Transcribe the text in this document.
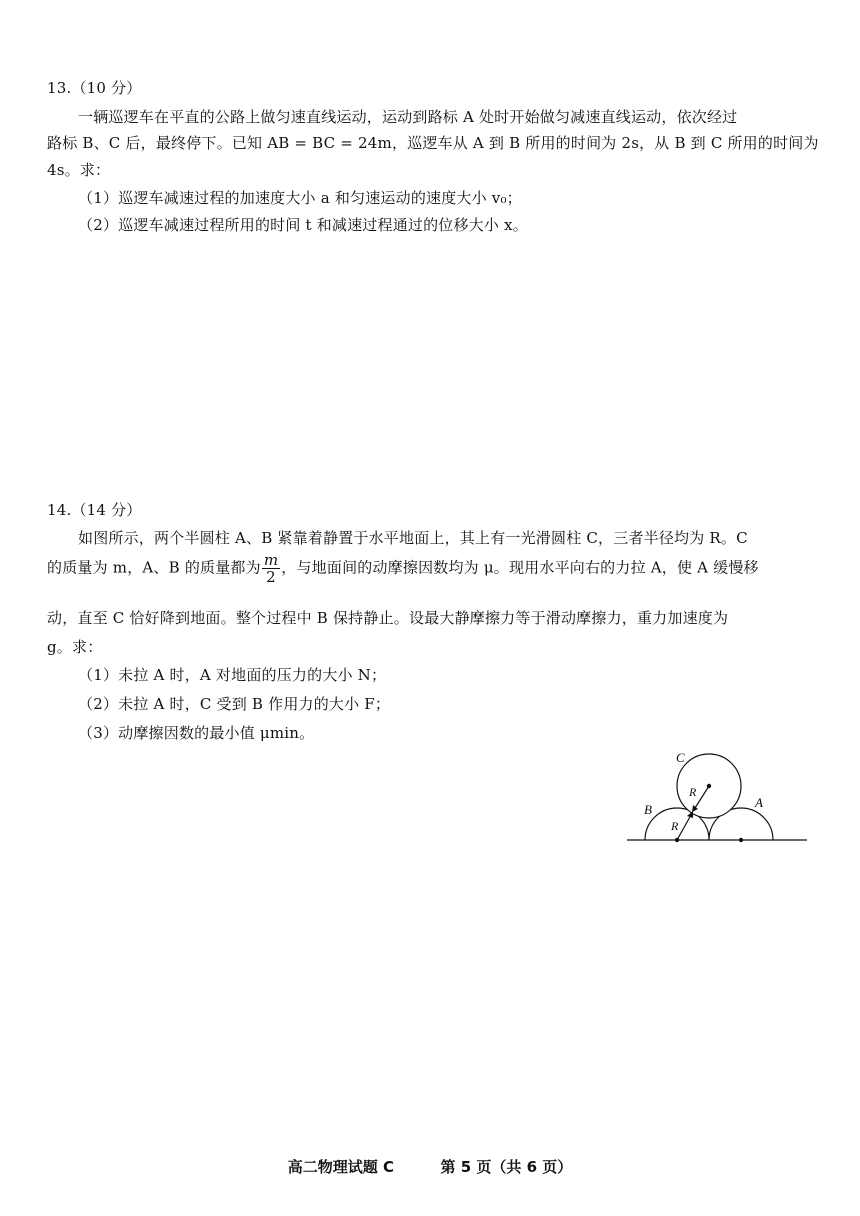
13.（10 分）
一辆巡逻车在平直的公路上做匀速直线运动，运动到路标 A 处时开始做匀减速直线运动，依次经过
路标 B、C 后，最终停下。已知 AB = BC = 24m，巡逻车从 A 到 B 所用的时间为 2s，从 B 到 C 所用的时间为
4s。求：
（1）巡逻车减速过程的加速度大小 a 和匀速运动的速度大小 v₀；
（2）巡逻车减速过程所用的时间 t 和减速过程通过的位移大小 x。
14.（14 分）
如图所示，两个半圆柱 A、B 紧靠着静置于水平地面上，其上有一光滑圆柱 C，三者半径均为 R。C
的质量为 m，A、B 的质量都为 $\frac{m}{2}$ ，与地面间的动摩擦因数均为 μ。现用水平向右的力拉 A，使 A 缓慢移
动，直至 C 恰好降到地面。整个过程中 B 保持静止。设最大静摩擦力等于滑动摩擦力，重力加速度为
g。求：
（1）未拉 A 时，A 对地面的压力的大小 N；
（2）未拉 A 时，C 受到 B 作用力的大小 F；
（3）动摩擦因数的最小值 μmin。
C
B	A
R
R
高二物理试题 C	第 5 页（共 6 页）
